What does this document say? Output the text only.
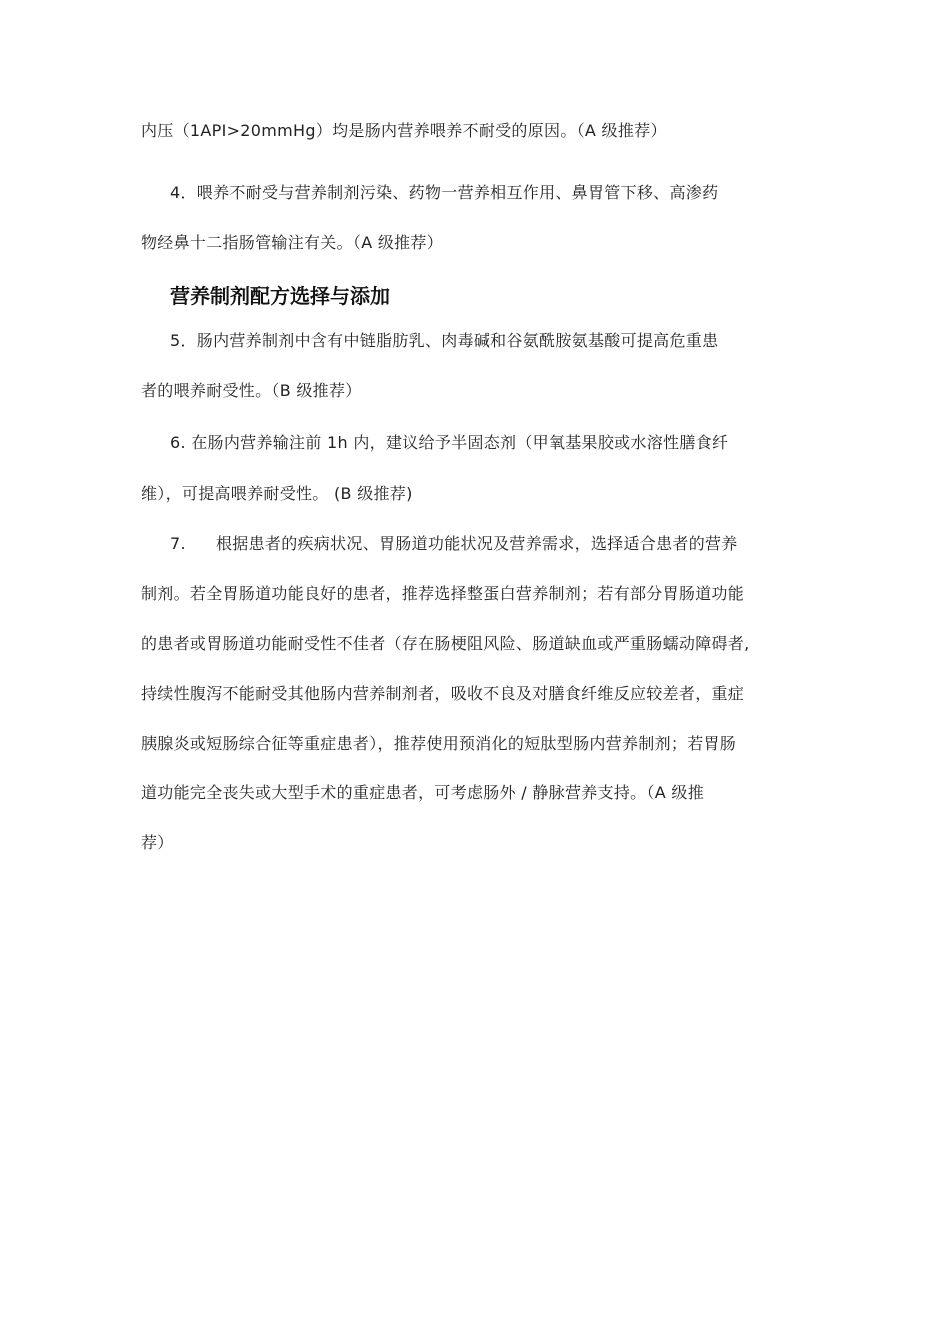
内压（1API>20mmHg）均是肠内营养喂养不耐受的原因。（A 级推荐）
4．喂养不耐受与营养制剂污染、药物一营养相互作用、鼻胃管下移、高渗药
物经鼻十二指肠管输注有关。（A 级推荐）
营养制剂配方选择与添加
5．肠内营养制剂中含有中链脂肪乳、肉毒碱和谷氨酰胺氨基酸可提高危重患
者的喂养耐受性。（B 级推荐）
6. 在肠内营养输注前 1h 内，建议给予半固态剂（甲氧基果胶或水溶性膳食纤
维），可提高喂养耐受性。 (B 级推荐)
7. 根据患者的疾病状况、胃肠道功能状况及营养需求，选择适合患者的营养
制剂。若全胃肠道功能良好的患者，推荐选择整蛋白营养制剂；若有部分胃肠道功能
的患者或胃肠道功能耐受性不佳者（存在肠梗阻风险、肠道缺血或严重肠蠕动障碍者,
持续性腹泻不能耐受其他肠内营养制剂者，吸收不良及对膳食纤维反应较差者，重症
胰腺炎或短肠综合征等重症患者），推荐使用预消化的短肽型肠内营养制剂；若胃肠
道功能完全丧失或大型手术的重症患者，可考虑肠外 / 静脉营养支持。（A 级推
荐）
